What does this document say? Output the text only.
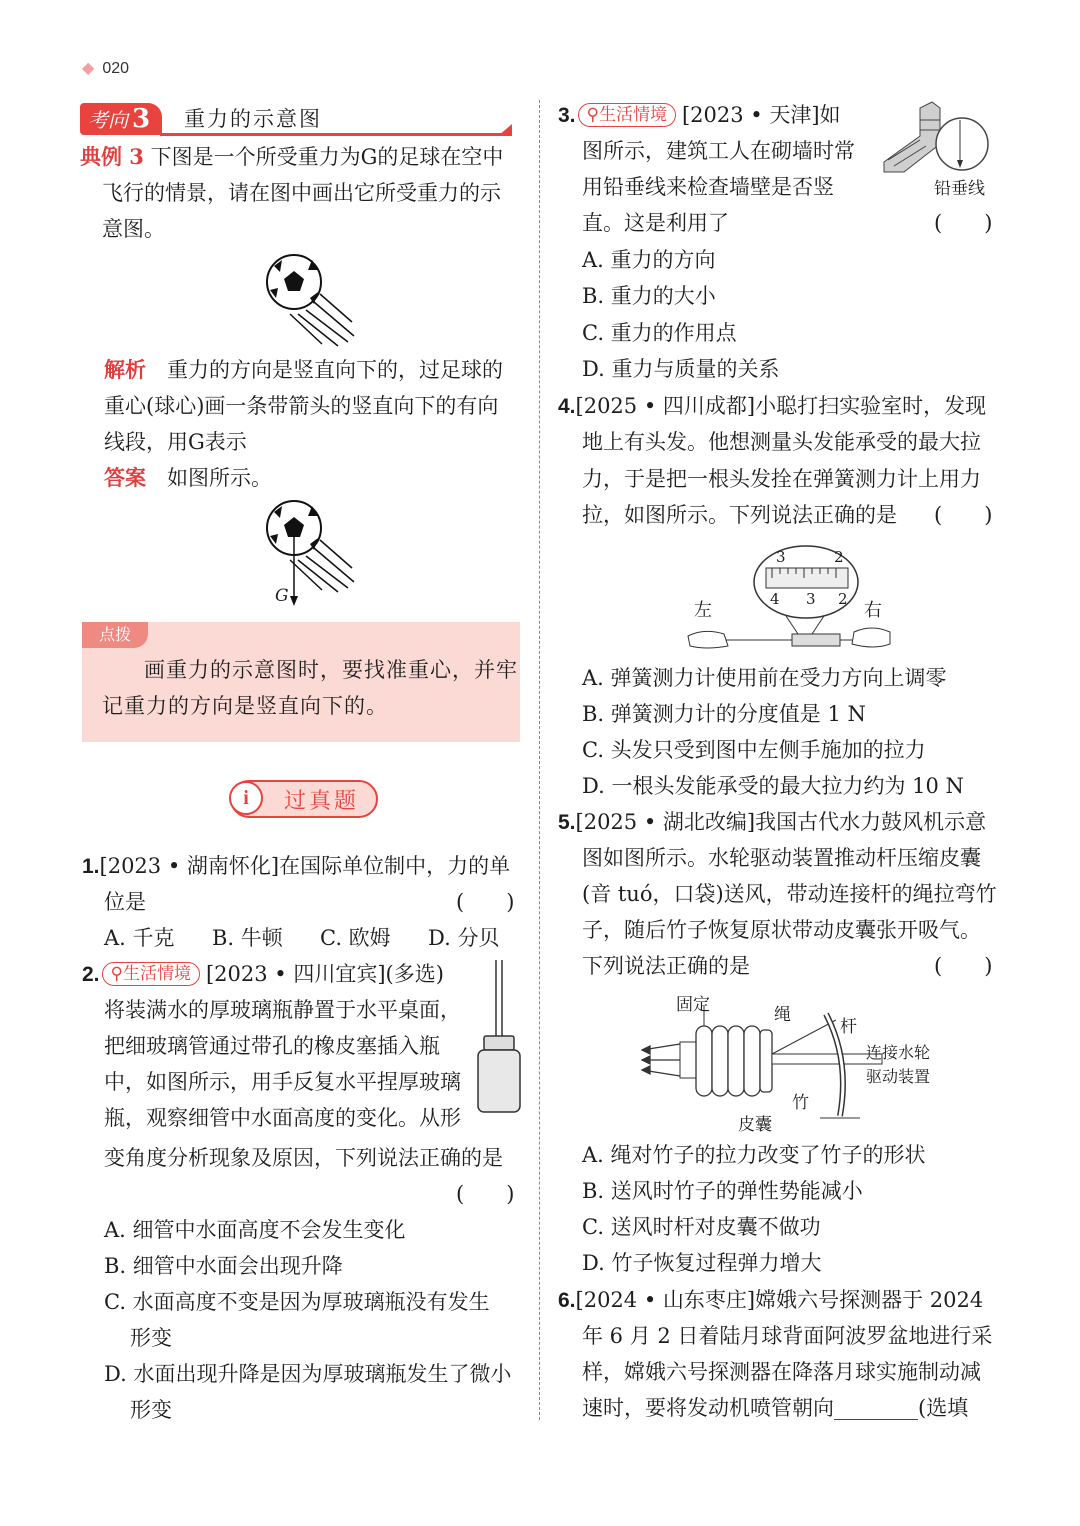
◆ 020
考向 3	重力的示意图
典例 3 下图是一个所受重力为G的足球在空中
飞行的情景，请在图中画出它所受重力的示
意图。
解析　 重力的方向是竖直向下的，过足球的
重心(球心)画一条带箭头的竖直向下的有向
线段，用G表示
答案　 如图所示。
G
点拨
画重力的示意图时，要找准重心，并牢
记重力的方向是竖直向下的。
i	过真题
1.[2023 • 湖南怀化]在国际单位制中，力的单
位是	(　　)
A. 千克 B. 牛顿 C. 欧姆 D. 分贝
2. ⚲生活情境 [2023 • 四川宜宾](多选)
将装满水的厚玻璃瓶静置于水平桌面，
把细玻璃管通过带孔的橡皮塞插入瓶
中，如图所示，用手反复水平捏厚玻璃
瓶，观察细管中水面高度的变化。从形
变角度分析现象及原因，下列说法正确的是
(　　)
A. 细管中水面高度不会发生变化
B. 细管中水面会出现升降
C. 水面高度不变是因为厚玻璃瓶没有发生
形变
D. 水面出现升降是因为厚玻璃瓶发生了微小
形变
3. ⚲生活情境 [2023 • 天津]如
图所示，建筑工人在砌墙时常
用铅垂线来检查墙壁是否竖
直。这是利用了	(　　)
铅垂线
A. 重力的方向
B. 重力的大小
C. 重力的作用点
D. 重力与质量的关系
4.[2025 • 四川成都]小聪打扫实验室时，发现
地上有头发。他想测量头发能承受的最大拉
力，于是把一根头发拴在弹簧测力计上用力
拉，如图所示。下列说法正确的是 (　　)
3	2
4 3 2
左	右
A. 弹簧测力计使用前在受力方向上调零
B. 弹簧测力计的分度值是 1 N
C. 头发只受到图中左侧手施加的拉力
D. 一根头发能承受的最大拉力约为 10 N
5.[2025 • 湖北改编]我国古代水力鼓风机示意
图如图所示。水轮驱动装置推动杆压缩皮囊
(音 tuó，口袋)送风，带动连接杆的绳拉弯竹
子，随后竹子恢复原状带动皮囊张开吸气。
下列说法正确的是	(　　)
固定	绳
杆
连接水轮
驱动装置
竹
皮囊
A. 绳对竹子的拉力改变了竹子的形状
B. 送风时竹子的弹性势能减小
C. 送风时杆对皮囊不做功
D. 竹子恢复过程弹力增大
6.[2024 • 山东枣庄]嫦娥六号探测器于 2024
年 6 月 2 日着陆月球背面阿波罗盆地进行采
样，嫦娥六号探测器在降落月球实施制动减
速时，要将发动机喷管朝向________(选填
